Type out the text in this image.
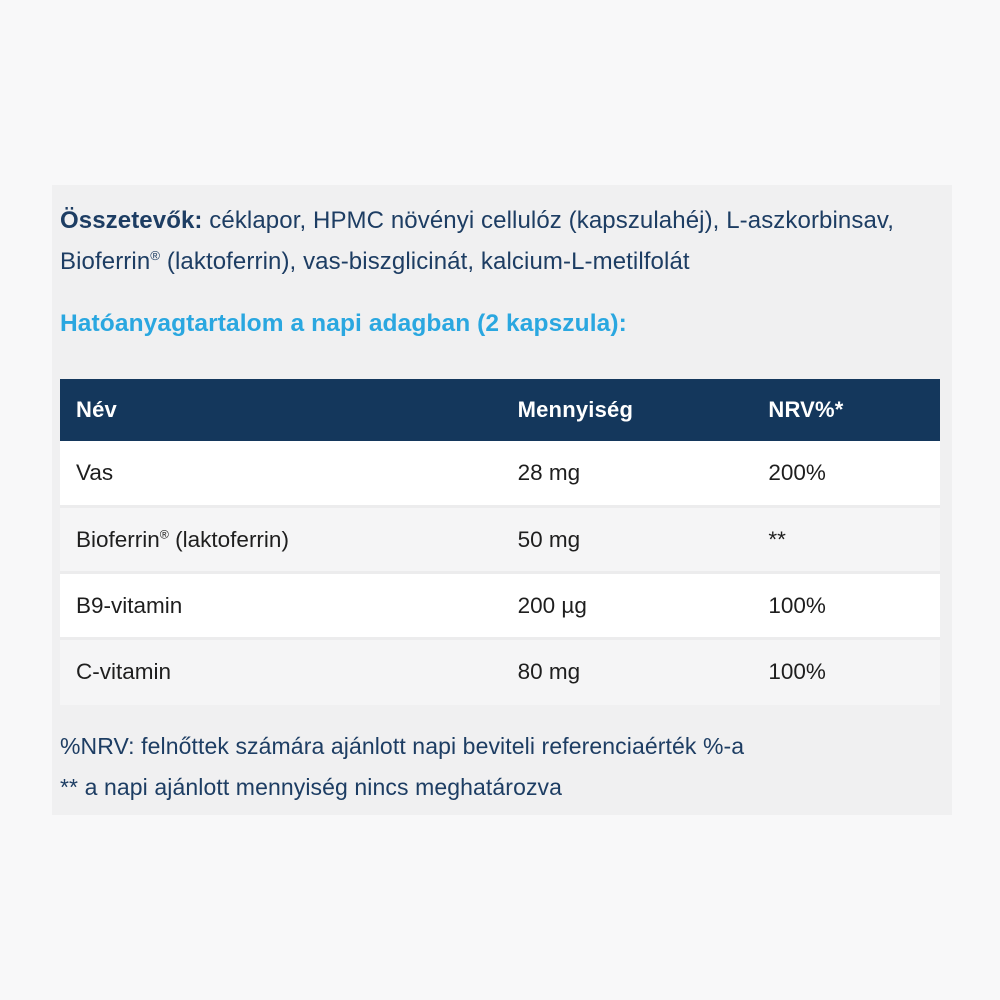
Összetevők: céklapor, HPMC növényi cellulóz (kapszulahéj), L-aszkorbinsav, Bioferrin® (laktoferrin), vas-biszglicinát, kalcium-L-metilfolát

Hatóanyagtartalom a napi adagban (2 kapszula):
Név	Mennyiség	NRV%*
Vas	28 mg	200%
Bioferrin® (laktoferrin)	50 mg	**
B9-vitamin	200 µg	100%
C-vitamin	80 mg	100%

%NRV: felnőttek számára ajánlott napi beviteli referenciaérték %-a

** a napi ajánlott mennyiség nincs meghatározva
